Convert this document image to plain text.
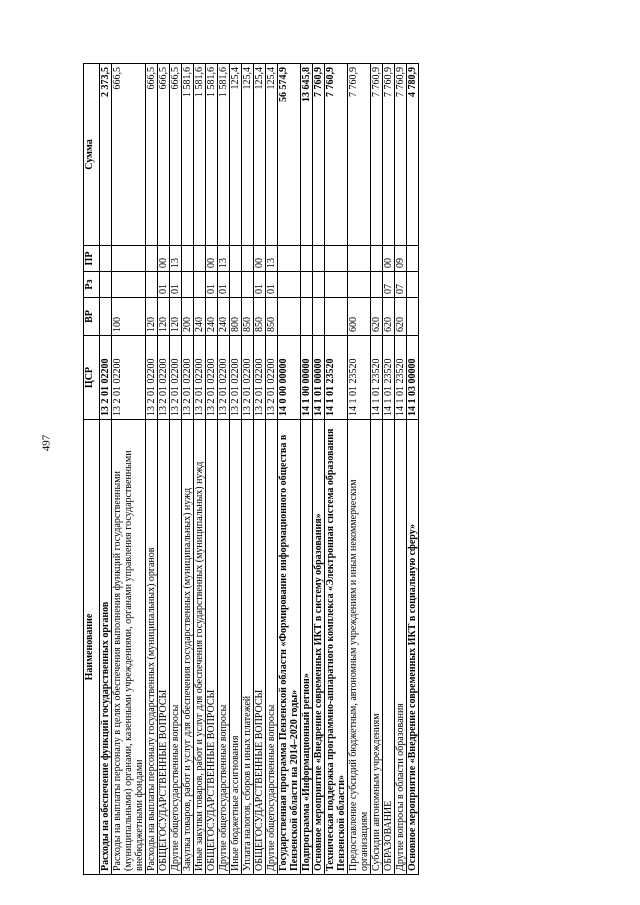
497
Наименование	ЦСР	ВР	Рз	ПР	Сумма
Расходы на обеспечение функций государственных органов	13 2 01 02200				2 373,5
Расходы на выплаты персоналу в целях обеспечения выполнения функций государственными (муниципальными) органами, казенными учреждениями, органами управления государственными внебюджетными фондами	13 2 01 02200	100			666,5
Расходы на выплаты персоналу государственных (муниципальных) органов	13 2 01 02200	120			666,5
ОБЩЕГОСУДАРСТВЕННЫЕ ВОПРОСЫ	13 2 01 02200	120	01	00	666,5
Другие общегосударственные вопросы	13 2 01 02200	120	01	13	666,5
Закупка товаров, работ и услуг для обеспечения государственных (муниципальных) нужд	13 2 01 02200	200			1 581,6
Иные закупки товаров, работ и услуг для обеспечения государственных (муниципальных) нужд	13 2 01 02200	240			1 581,6
ОБЩЕГОСУДАРСТВЕННЫЕ ВОПРОСЫ	13 2 01 02200	240	01	00	1 581,6
Другие общегосударственные вопросы	13 2 01 02200	240	01	13	1 581,6
Иные бюджетные ассигнования	13 2 01 02200	800			125,4
Уплата налогов, сборов и иных платежей	13 2 01 02200	850			125,4
ОБЩЕГОСУДАРСТВЕННЫЕ ВОПРОСЫ	13 2 01 02200	850	01	00	125,4
Другие общегосударственные вопросы	13 2 01 02200	850	01	13	125,4
Государственная программа Пензенской области «Формирование информационного общества в Пензенской области на 2014–2020 годы»	14 0 00 00000				56 574,9
Подпрограмма «Информационный регион»	14 1 00 00000				13 645,8
Основное мероприятие «Внедрение современных ИКТ в систему образования»	14 1 01 00000				7 760,9
Техническая поддержка программно-аппаратного комплекса «Электронная система образования Пензенской области»	14 1 01 23520				7 760,9
Предоставление субсидий бюджетным, автономным учреждениям и иным некоммерческим организациям	14 1 01 23520	600			7 760,9
Субсидии автономным учреждениям	14 1 01 23520	620			7 760,9
ОБРАЗОВАНИЕ	14 1 01 23520	620	07	00	7 760,9
Другие вопросы в области образования	14 1 01 23520	620	07	09	7 760,9
Основное мероприятие «Внедрение современных ИКТ в социальную сферу»	14 1 03 00000				4 780,9
